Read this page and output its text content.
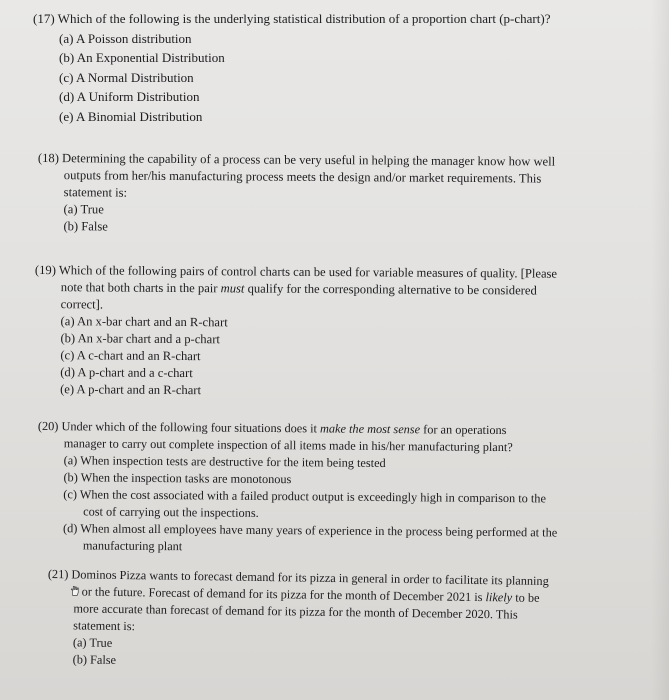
(17) Which of the following is the underlying statistical distribution of a proportion chart (p-chart)?

(a) A Poisson distribution
(b) An Exponential Distribution
(c) A Normal Distribution
(d) A Uniform Distribution
(e) A Binomial Distribution

(18) Determining the capability of a process can be very useful in helping the manager know how well

outputs from her/his manufacturing process meets the design and/or market requirements. This

statement is:

(a) True
(b) False

(19) Which of the following pairs of control charts can be used for variable measures of quality. [Please

note that both charts in the pair must qualify for the corresponding alternative to be considered

correct].

(a) An x-bar chart and an R-chart
(b) An x-bar chart and a p-chart
(c) A c-chart and an R-chart
(d) A p-chart and a c-chart
(e) A p-chart and an R-chart

(20) Under which of the following four situations does it make the most sense for an operations

manager to carry out complete inspection of all items made in his/her manufacturing plant?

(a) When inspection tests are destructive for the item being tested
(b) When the inspection tasks are monotonous
(c) When the cost associated with a failed product output is exceedingly high in comparison to the
cost of carrying out the inspections.
(d) When almost all employees have many years of experience in the process being performed at the
manufacturing plant

(21) Dominos Pizza wants to forecast demand for its pizza in general in order to facilitate its planning

or the future. Forecast of demand for its pizza for the month of December 2021 is likely to be

more accurate than forecast of demand for its pizza for the month of December 2020. This

statement is:

(a) True
(b) False
